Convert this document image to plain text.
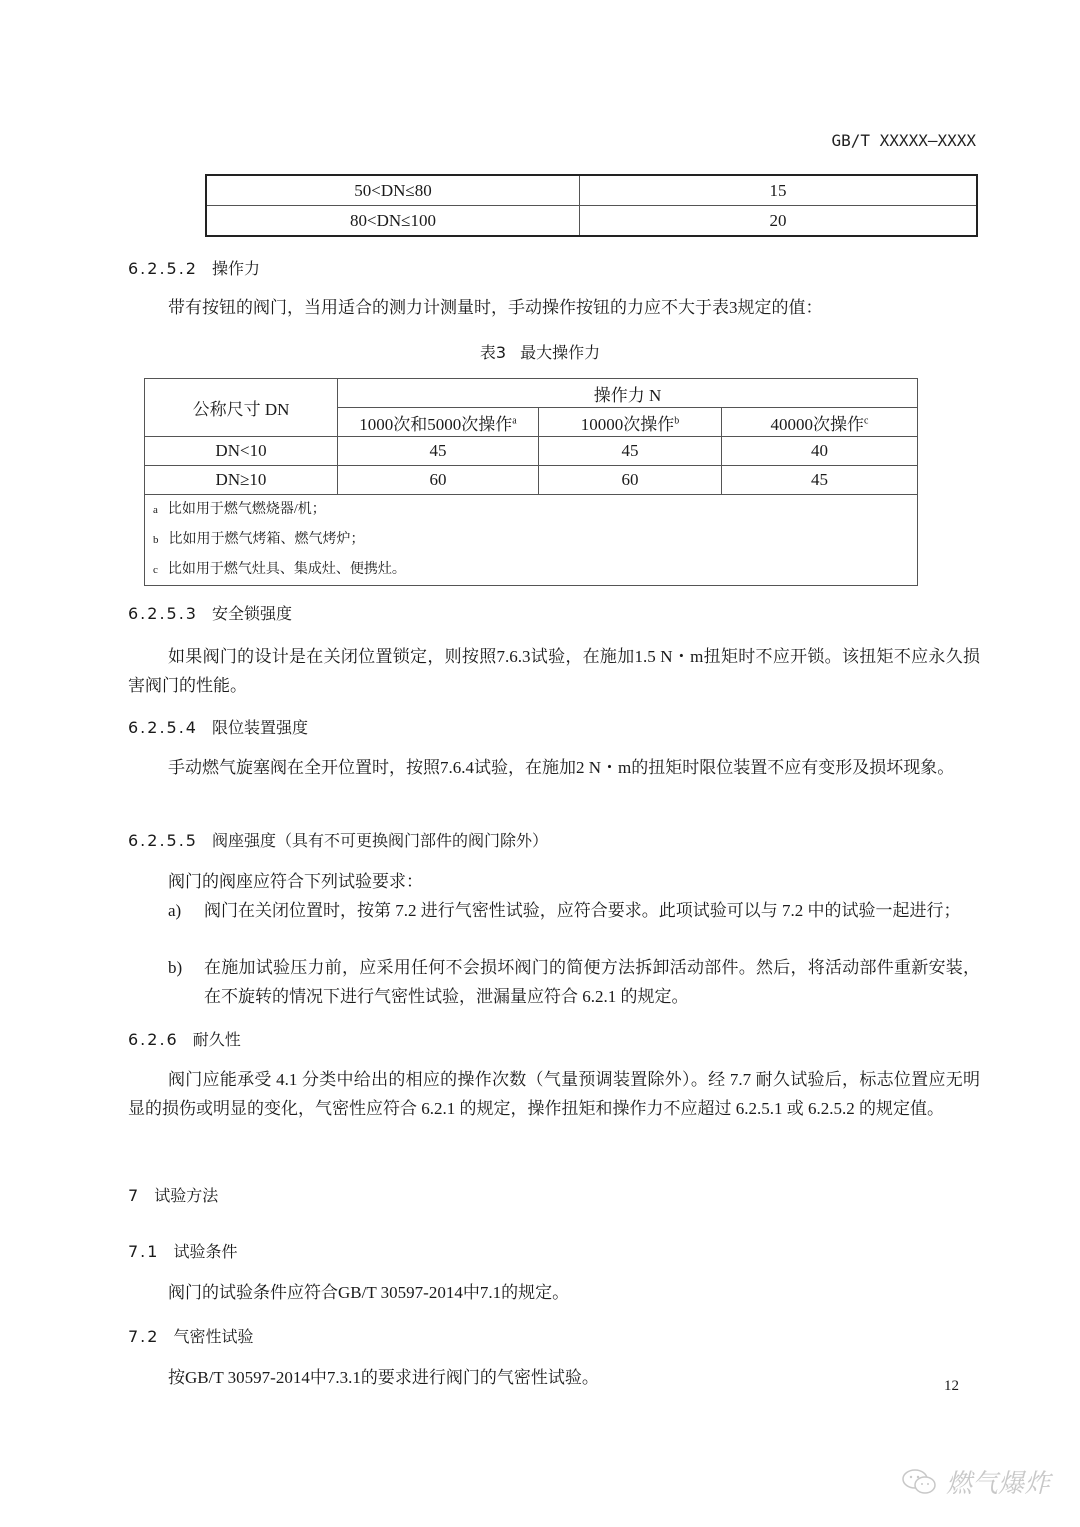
GB/T XXXXX—XXXX
50<DN≤80	15
80<DN≤100	20
6.2.5.2 操作力
带有按钮的阀门，当用适合的测力计测量时，手动操作按钮的力应不大于表3规定的值：
表3 最大操作力
公称尺寸 DN	操作力 N		
	1000次和5000次操作$^a$	10000次操作$^b$	40000次操作$^c$
DN<10	45	45	40
DN≥10	60	60	45

a 比如用于燃气燃烧器/机；
b 比如用于燃气烤箱、燃气烤炉；
c 比如用于燃气灶具、集成灶、便携灶。			
6.2.5.3 安全锁强度
如果阀门的设计是在关闭位置锁定，则按照7.6.3试验，在施加1.5 N・m扭矩时不应开锁。该扭矩不应永久损害阀门的性能。
6.2.5.4 限位装置强度
手动燃气旋塞阀在全开位置时，按照7.6.4试验，在施加2 N・m的扭矩时限位装置不应有变形及损坏现象。
6.2.5.5 阀座强度（具有不可更换阀门部件的阀门除外）
阀门的阀座应符合下列试验要求：
a) 阀门在关闭位置时，按第 7.2 进行气密性试验，应符合要求。此项试验可以与 7.2 中的试验一起进行；
b) 在施加试验压力前，应采用任何不会损坏阀门的简便方法拆卸活动部件。然后，将活动部件重新安装，在不旋转的情况下进行气密性试验，泄漏量应符合 6.2.1 的规定。
6.2.6 耐久性
阀门应能承受 4.1 分类中给出的相应的操作次数（气量预调装置除外）。经 7.7 耐久试验后，标志位置应无明显的损伤或明显的变化，气密性应符合 6.2.1 的规定，操作扭矩和操作力不应超过 6.2.5.1 或 6.2.5.2 的规定值。
7 试验方法
7.1 试验条件
阀门的试验条件应符合GB/T 30597-2014中7.1的规定。
7.2 气密性试验
按GB/T 30597-2014中7.3.1的要求进行阀门的气密性试验。	12
燃气爆炸
